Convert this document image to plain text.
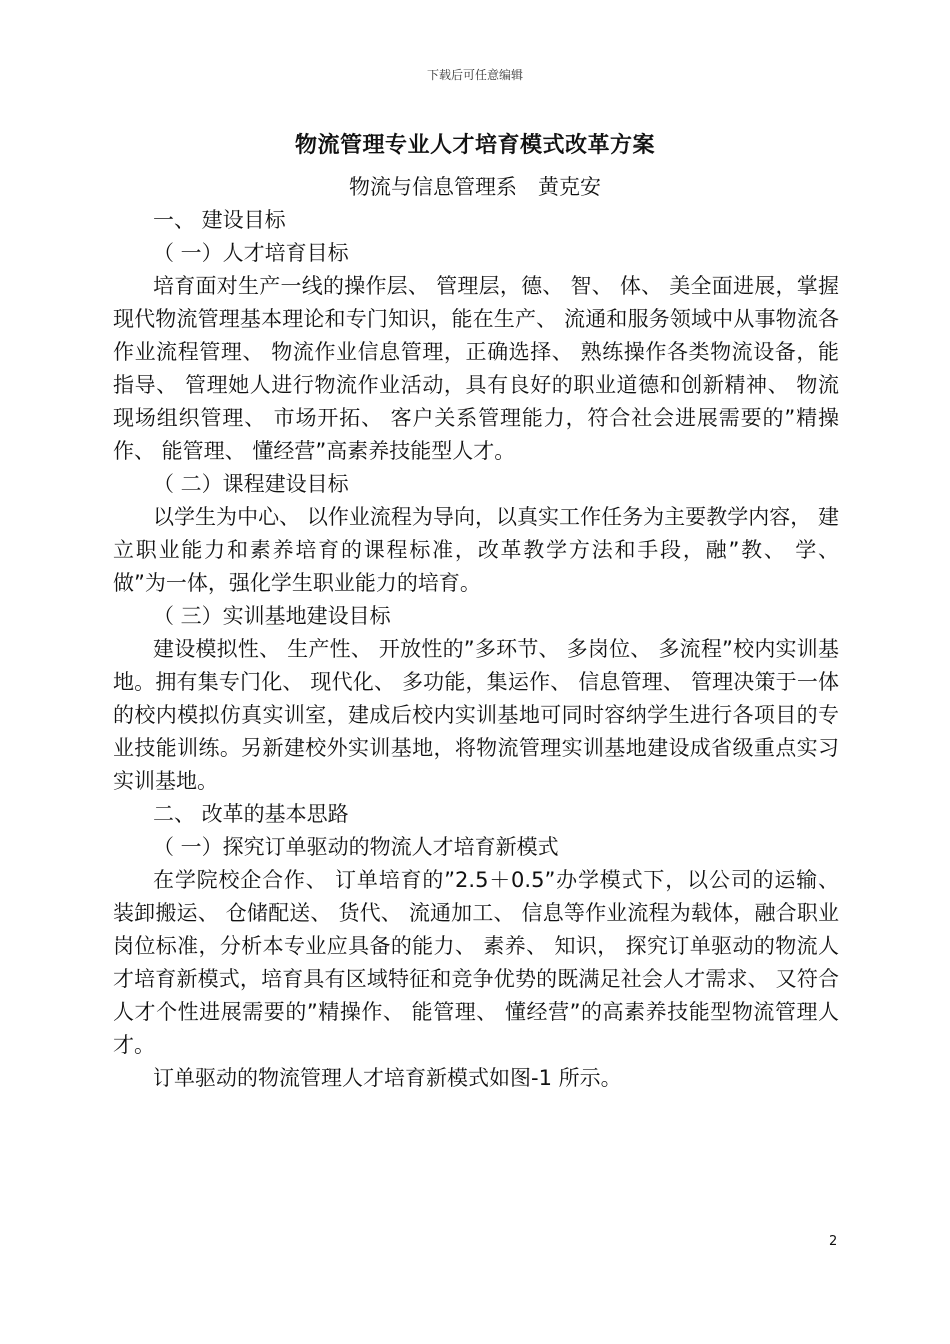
下载后可任意编辑
物流管理专业人才培育模式改革方案
物流与信息管理系　黄克安

一、 建设目标

（ 一）人才培育目标

培育面对生产一线的操作层、 管理层，德、 智、 体、 美全面进展，掌握现代物流管理基本理论和专门知识，能在生产、 流通和服务领域中从事物流各作业流程管理、 物流作业信息管理，正确选择、 熟练操作各类物流设备，能指导、 管理她人进行物流作业活动，具有良好的职业道德和创新精神、 物流现场组织管理、 市场开拓、 客户关系管理能力，符合社会进展需要的”精操作、 能管理、 懂经营”高素养技能型人才。

（ 二）课程建设目标

以学生为中心、 以作业流程为导向，以真实工作任务为主要教学内容， 建立职业能力和素养培育的课程标准，改革教学方法和手段，融”教、 学、 做”为一体，强化学生职业能力的培育。

（ 三）实训基地建设目标

建设模拟性、 生产性、 开放性的”多环节、 多岗位、 多流程”校内实训基地。拥有集专门化、 现代化、 多功能，集运作、 信息管理、 管理决策于一体的校内模拟仿真实训室，建成后校内实训基地可同时容纳学生进行各项目的专业技能训练。另新建校外实训基地，将物流管理实训基地建设成省级重点实习实训基地。

二、 改革的基本思路

（ 一）探究订单驱动的物流人才培育新模式

在学院校企合作、 订单培育的”2.5＋0.5”办学模式下，以公司的运输、 装卸搬运、 仓储配送、 货代、 流通加工、 信息等作业流程为载体，融合职业岗位标准，分析本专业应具备的能力、 素养、 知识， 探究订单驱动的物流人才培育新模式，培育具有区域特征和竞争优势的既满足社会人才需求、 又符合人才个性进展需要的”精操作、 能管理、 懂经营”的高素养技能型物流管理人才。

订单驱动的物流管理人才培育新模式如图-1 所示。

2
